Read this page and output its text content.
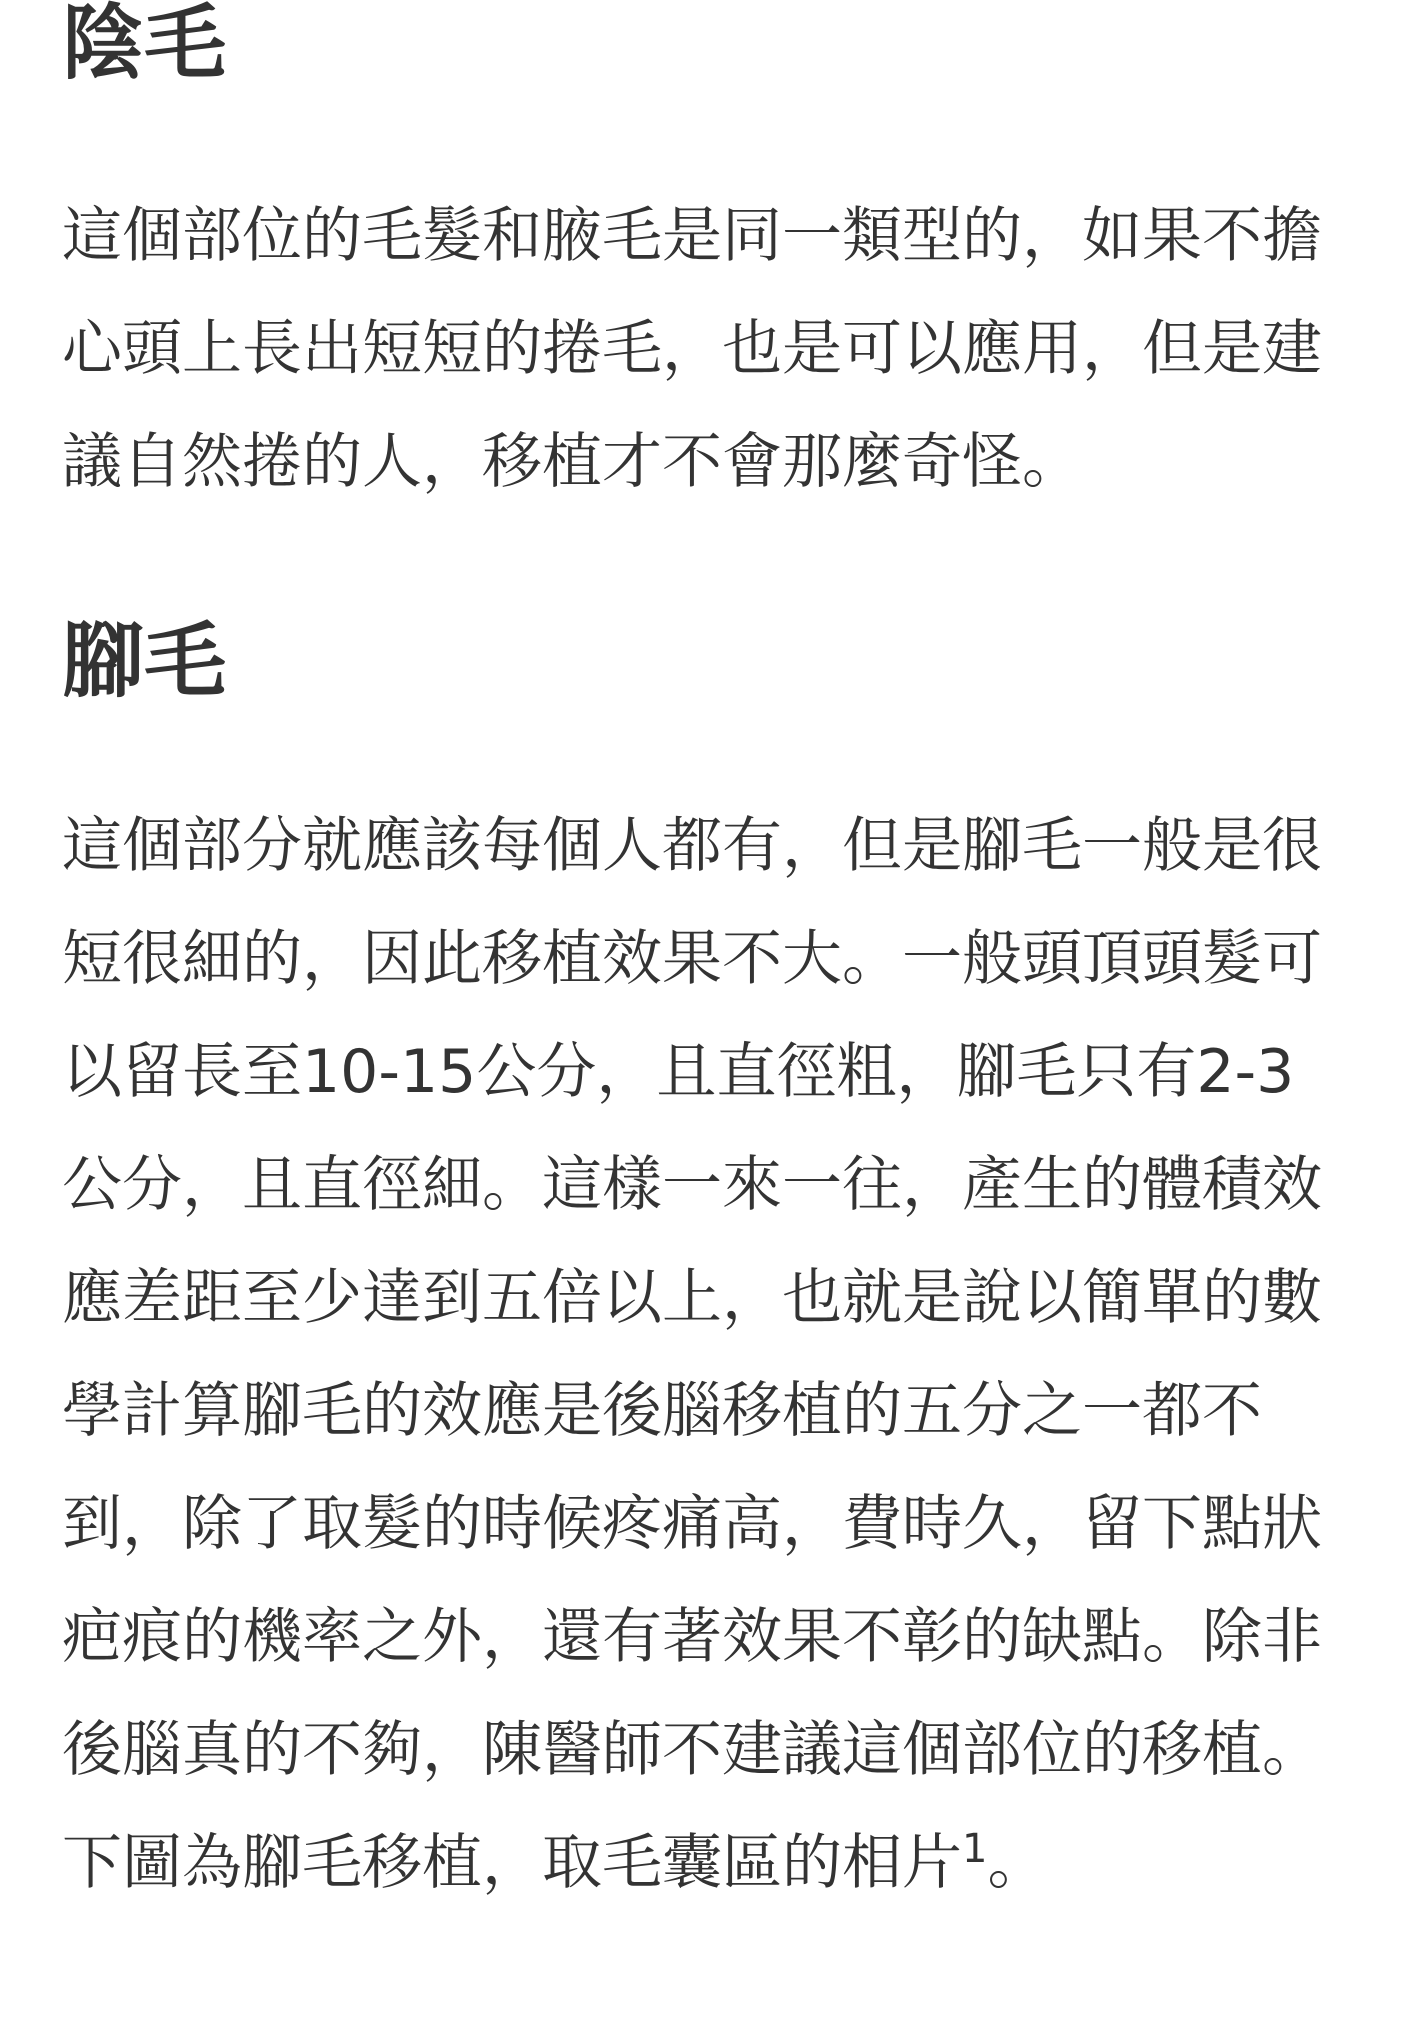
陰毛

這個部位的毛髮和腋毛是同一類型的，如果不擔心頭上長出短短的捲毛，也是可以應用，但是建議自然捲的人，移植才不會那麼奇怪。

腳毛

這個部分就應該每個人都有，但是腳毛一般是很短很細的，因此移植效果不大。一般頭頂頭髮可以留長至10-15公分，且直徑粗，腳毛只有2-3公分，且直徑細。這樣一來一往，產生的體積效應差距至少達到五倍以上，也就是說以簡單的數學計算腳毛的效應是後腦移植的五分之一都不到，除了取髮的時候疼痛高，費時久，留下點狀疤痕的機率之外，還有著效果不彰的缺點。除非後腦真的不夠，陳醫師不建議這個部位的移植。下圖為腳毛移植，取毛囊區的相片$^1$。
